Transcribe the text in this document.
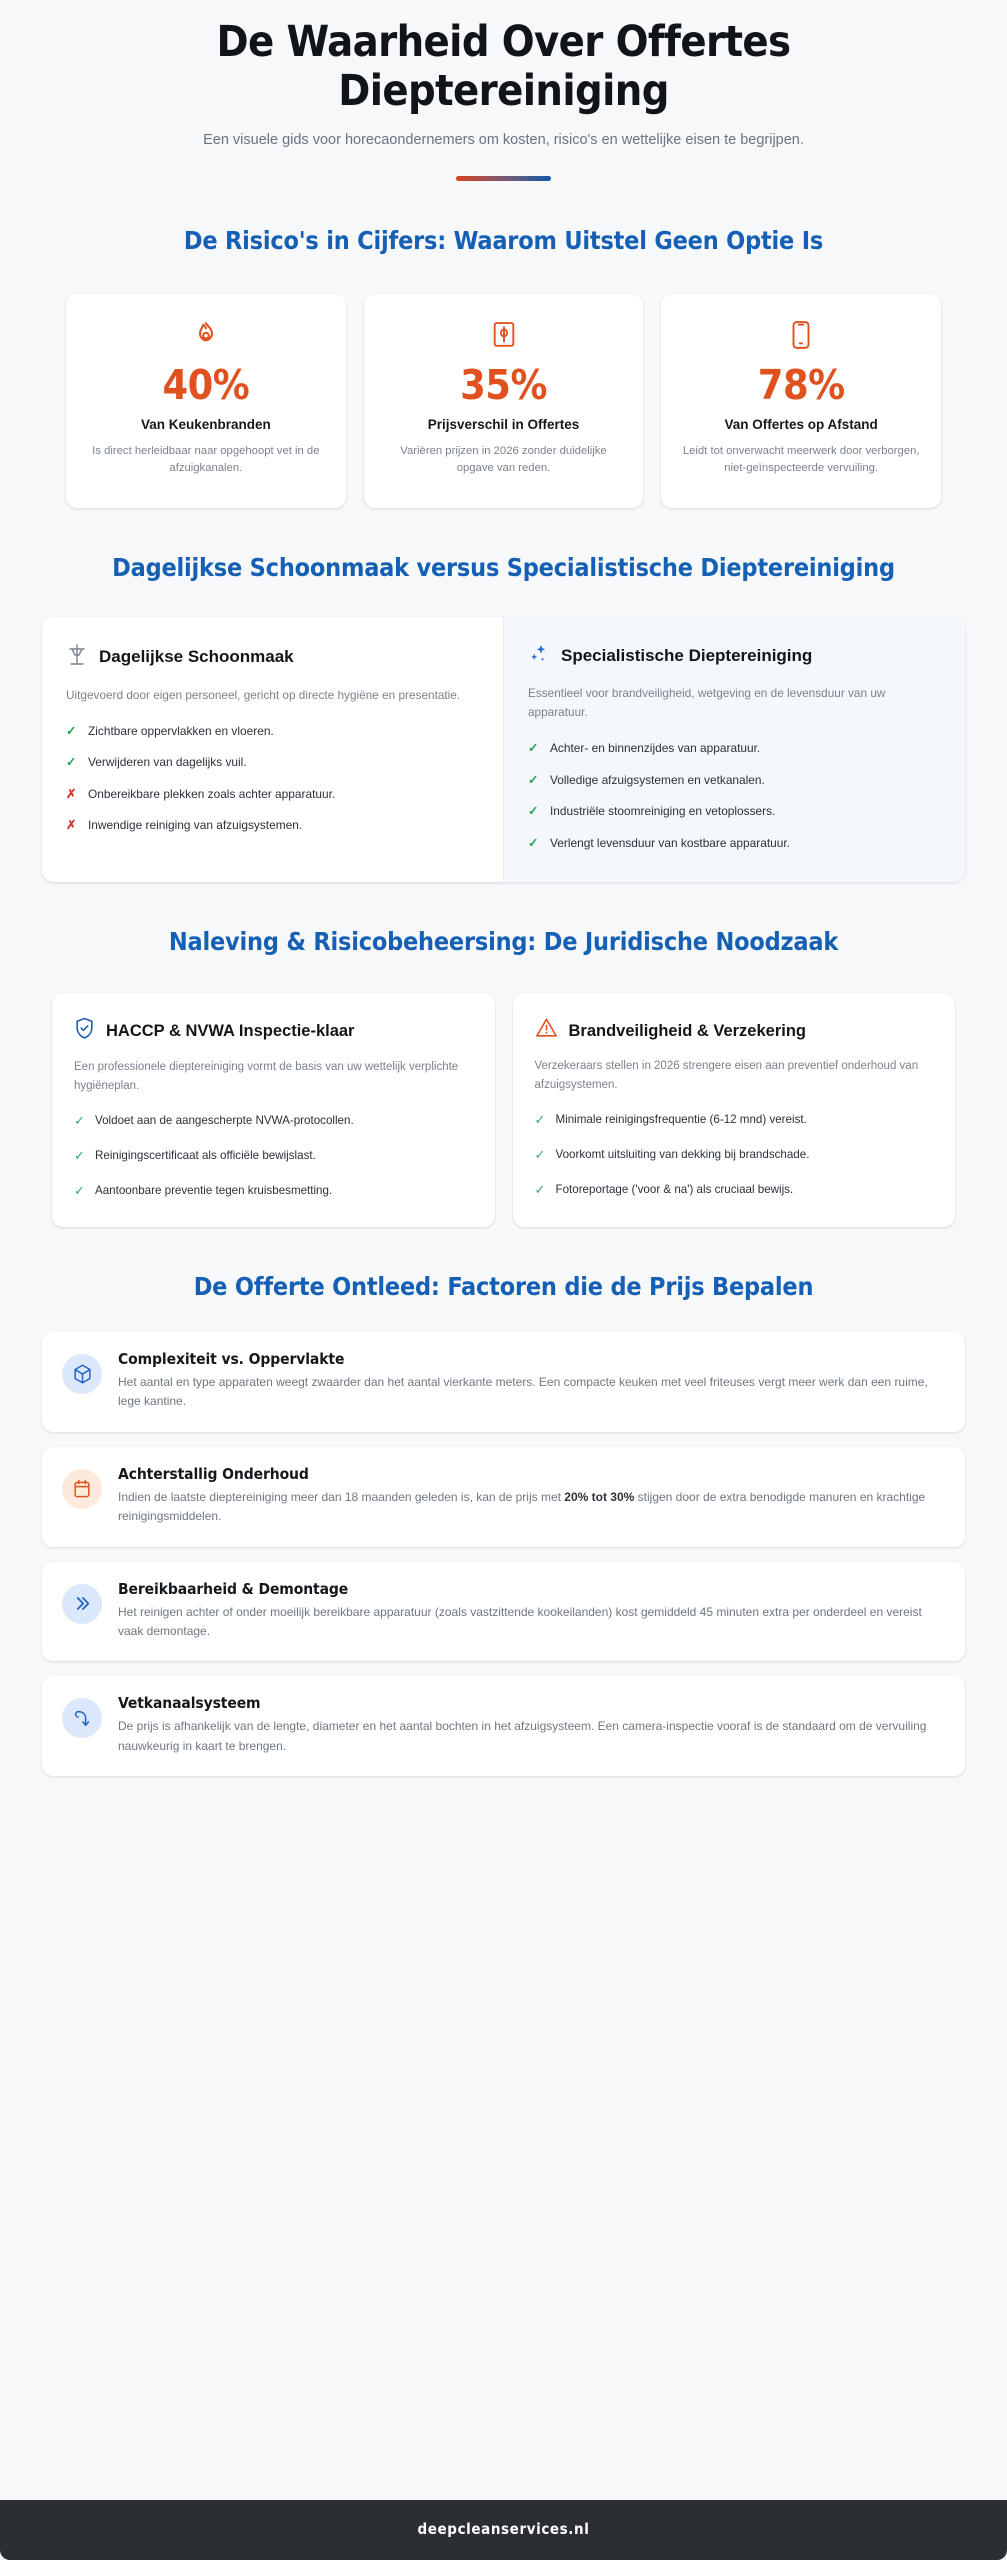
De Waarheid Over Offertes Dieptereiniging

Een visuele gids voor horecaondernemers om kosten, risico's en wettelijke eisen te begrijpen.

De Risico's in Cijfers: Waarom Uitstel Geen Optie Is
40%
Van Keukenbranden
Is direct herleidbaar naar opgehoopt vet in de afzuigkanalen.
35%
Prijsverschil in Offertes
Variëren prijzen in 2026 zonder duidelijke opgave van reden.
78%
Van Offertes op Afstand
Leidt tot onverwacht meerwerk door verborgen, niet-geïnspecteerde vervuiling.
Dagelijkse Schoonmaak versus Specialistische Dieptereiniging
Dagelijkse Schoonmaak

Uitgevoerd door eigen personeel, gericht op directe hygiëne en presentatie.

✓ Zichtbare oppervlakken en vloeren.
✓ Verwijderen van dagelijks vuil.
✗ Onbereikbare plekken zoals achter apparatuur.
✗ Inwendige reiniging van afzuigsystemen.
Specialistische Dieptereiniging

Essentieel voor brandveiligheid, wetgeving en de levensduur van uw apparatuur.

✓ Achter- en binnenzijdes van apparatuur.
✓ Volledige afzuigsystemen en vetkanalen.
✓ Industriële stoomreiniging en vetoplossers.
✓ Verlengt levensduur van kostbare apparatuur.
Naleving & Risicobeheersing: De Juridische Noodzaak
HACCP & NVWA Inspectie-klaar

Een professionele dieptereiniging vormt de basis van uw wettelijk verplichte hygiëneplan.

✓ Voldoet aan de aangescherpte NVWA-protocollen.
✓ Reinigingscertificaat als officiële bewijslast.
✓ Aantoonbare preventie tegen kruisbesmetting.
Brandveiligheid & Verzekering

Verzekeraars stellen in 2026 strengere eisen aan preventief onderhoud van afzuigsystemen.

✓ Minimale reinigingsfrequentie (6-12 mnd) vereist.
✓ Voorkomt uitsluiting van dekking bij brandschade.
✓ Fotoreportage ('voor & na') als cruciaal bewijs.
De Offerte Ontleed: Factoren die de Prijs Bepalen
Complexiteit vs. Oppervlakte
Het aantal en type apparaten weegt zwaarder dan het aantal vierkante meters. Een compacte keuken met veel friteuses vergt meer werk dan een ruime, lege kantine.
Achterstallig Onderhoud
Indien de laatste dieptereiniging meer dan 18 maanden geleden is, kan de prijs met 20% tot 30% stijgen door de extra benodigde manuren en krachtige reinigingsmiddelen.
Bereikbaarheid & Demontage
Het reinigen achter of onder moeilijk bereikbare apparatuur (zoals vastzittende kookeilanden) kost gemiddeld 45 minuten extra per onderdeel en vereist vaak demontage.
Vetkanaalsysteem
De prijs is afhankelijk van de lengte, diameter en het aantal bochten in het afzuigsysteem. Een camera-inspectie vooraf is de standaard om de vervuiling nauwkeurig in kaart te brengen.
deepcleanservices.nl
